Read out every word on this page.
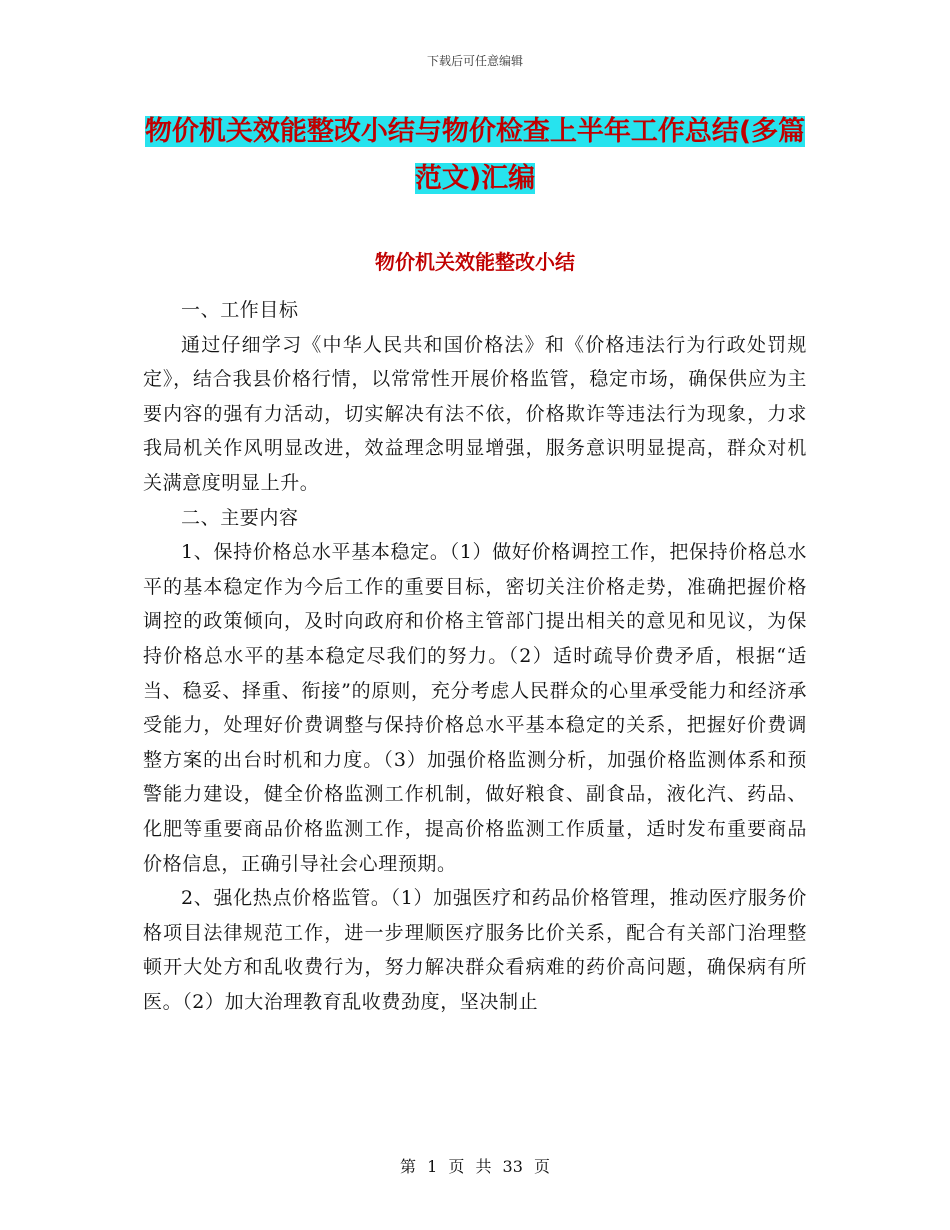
下载后可任意编辑
物价机关效能整改小结与物价检查上半年工作总结(多篇范文)汇编
物价机关效能整改小结

一、工作目标

通过仔细学习《中华人民共和国价格法》和《价格违法行为行政处罚规定》，结合我县价格行情，以常常性开展价格监管，稳定市场，确保供应为主要内容的强有力活动，切实解决有法不依，价格欺诈等违法行为现象，力求我局机关作风明显改进，效益理念明显增强，服务意识明显提高，群众对机关满意度明显上升。

二、主要内容

1、保持价格总水平基本稳定。（1）做好价格调控工作，把保持价格总水平的基本稳定作为今后工作的重要目标，密切关注价格走势，准确把握价格调控的政策倾向，及时向政府和价格主管部门提出相关的意见和见议，为保持价格总水平的基本稳定尽我们的努力。（2）适时疏导价费矛盾，根据“适当、稳妥、择重、衔接”的原则，充分考虑人民群众的心里承受能力和经济承受能力，处理好价费调整与保持价格总水平基本稳定的关系，把握好价费调整方案的出台时机和力度。（3）加强价格监测分析，加强价格监测体系和预警能力建设，健全价格监测工作机制，做好粮食、副食品，液化汽、药品、化肥等重要商品价格监测工作，提高价格监测工作质量，适时发布重要商品价格信息，正确引导社会心理预期。

2、强化热点价格监管。（1）加强医疗和药品价格管理，推动医疗服务价格项目法律规范工作，进一步理顺医疗服务比价关系，配合有关部门治理整顿开大处方和乱收费行为，努力解决群众看病难的药价高问题，确保病有所医。（2）加大治理教育乱收费劲度，坚决制止

第 1 页 共 33 页
